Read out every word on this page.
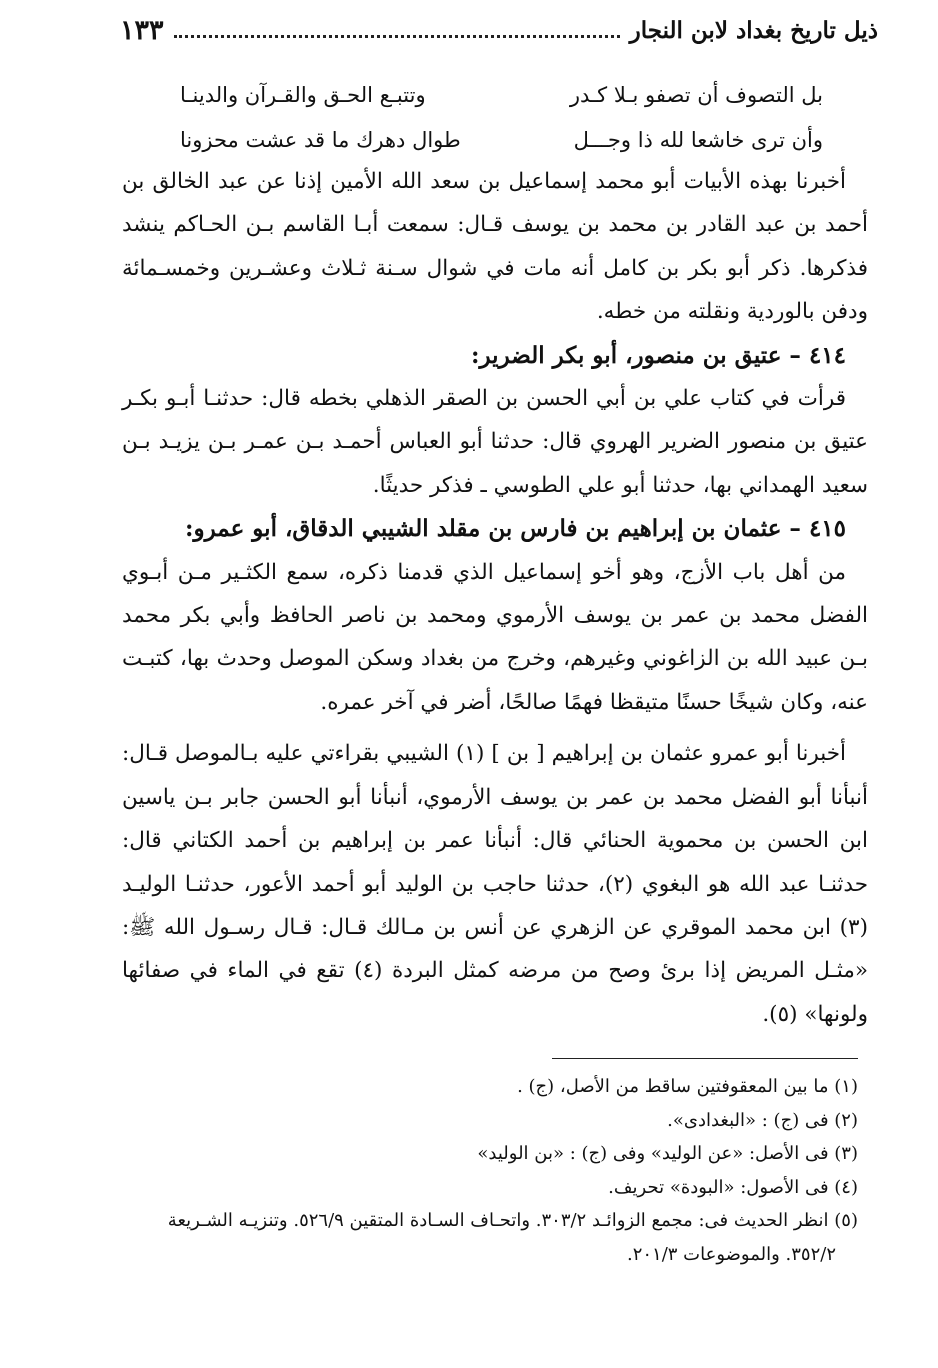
ذيل تاريخ بغداد لابن النجار
١٣٣
بل التصوف أن تصفو بـلا كـدر
وتتبـع الحـق والقـرآن والدينـا
وأن ترى خاشعا لله ذا وجـــل
طوال دهرك ما قد عشت محزونا

أخبرنا بهذه الأبيات أبو محمد إسماعيل بن سعد الله الأمين إذنا عن عبد الخالق بن أحمد بن عبد القادر بن محمد بن يوسف قـال: سمعت أبـا القاسم بـن الحـاكم ينشد فذكرها. ذكر أبو بكر بن كامل أنه مات في شوال سـنة ثـلاث وعشـرين وخمسـمائة ودفن بالوردية ونقلته من خطه.

٤١٤ – عتيق بن منصور، أبو بكر الضرير:

قرأت في كتاب علي بن أبي الحسن بن الصقر الذهلي بخطه قال: حدثنـا أبـو بكـر عتيق بن منصور الضرير الهروي قال: حدثنا أبو العباس أحمـد بـن عمـر بـن يزيـد بـن سعيد الهمداني بها، حدثنا أبو علي الطوسي ـ فذكر حديثًا.

٤١٥ – عثمان بن إبراهيم بن فارس بن مقلد الشيبي الدقاق، أبو عمرو:

من أهل باب الأزج، وهو أخو إسماعيل الذي قدمنا ذكره، سمع الكثـير مـن أبـوي الفضل محمد بن عمر بن يوسف الأرموي ومحمد بن ناصر الحافظ وأبي بكر محمد بـن عبيد الله بن الزاغوني وغيرهم، وخرج من بغداد وسكن الموصل وحدث بها، كتبـت عنه، وكان شيخًا حسنًا متيقظا فهمًا صالحًا، أضر في آخر عمره.

أخبرنا أبو عمرو عثمان بن إبراهيم [ بن ] (١) الشيبي بقراءتي عليه بـالموصل قـال: أنبأنا أبو الفضل محمد بن عمر بن يوسف الأرموي، أنبأنا أبو الحسن جابر بـن ياسين ابن الحسن بن محموية الحنائي قال: أنبأنا عمر بن إبراهيم بن أحمد الكتاني قال: حدثنـا عبد الله هو البغوي (٢)، حدثنا حاجب بن الوليد أبو أحمد الأعور، حدثنـا الوليـد (٣) ابن محمد الموقري عن الزهري عن أنس بن مـالك قـال: قـال رسـول الله ﷺ: «مثـل المريض إذا برئ وصح من مرضه كمثل البردة (٤) تقع في الماء في صفائها ولونها» (٥).

(١) ما بين المعقوفتين ساقط من الأصل، (ج) .

(٢) فى (ج) : «البغدادى».

(٣) فى الأصل: «عن الوليد» وفى (ج) : «بن الوليد»

(٤) فى الأصول: «البودة» تحريف.

(٥) انظر الحديث فى: مجمع الزوائـد ٣٠٣/٢. واتحـاف السـادة المتقين ٥٢٦/٩. وتنزيـه الشـريعة

٣٥٢/٢. والموضوعات ٢٠١/٣.
